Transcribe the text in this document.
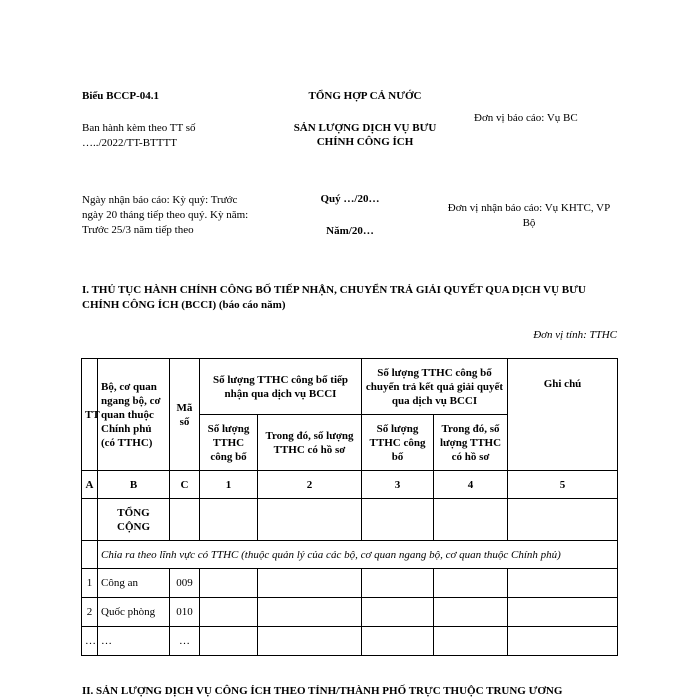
Biểu BCCP-04.1	TỔNG HỢP CẢ NƯỚC
Ban hành kèm theo TT số
…../2022/TT-BTTTT
SẢN LƯỢNG DỊCH VỤ BƯU
CHÍNH CÔNG ÍCH
Đơn vị báo cáo: Vụ BC
Ngày nhận báo cáo: Kỳ quý: Trước
ngày 20 tháng tiếp theo quý. Kỳ năm:
Trước 25/3 năm tiếp theo
Quý …/20…
Năm/20…
Đơn vị nhận báo cáo: Vụ KHTC, VP
Bộ
I. THỦ TỤC HÀNH CHÍNH CÔNG BỐ TIẾP NHẬN, CHUYỂN TRẢ GIẢI QUYẾT QUA DỊCH VỤ BƯU
CHÍNH CÔNG ÍCH (BCCI) (báo cáo năm)
Đơn vị tính: TTHC
TT	Bộ, cơ quan ngang bộ, cơ quan thuộc Chính phủ (có TTHC)	Mã số	Số lượng TTHC công bố tiếp nhận qua dịch vụ BCCI		Số lượng TTHC công bố chuyển trả kết quả giải quyết qua dịch vụ BCCI		Ghi chú
			Số lượng TTHC công bố	Trong đó, số lượng TTHC có hồ sơ	Số lượng TTHC công bố	Trong đó, số lượng TTHC có hồ sơ	
A	B	C	1	2	3	4	5
	TỔNG CỘNG						
	Chia ra theo lĩnh vực có TTHC (thuộc quản lý của các bộ, cơ quan ngang bộ, cơ quan thuộc Chính phủ)						
1	Công an	009					
2	Quốc phòng	010					
…	…	…					
II. SẢN LƯỢNG DỊCH VỤ CÔNG ÍCH THEO TỈNH/THÀNH PHỐ TRỰC THUỘC TRUNG ƯƠNG
